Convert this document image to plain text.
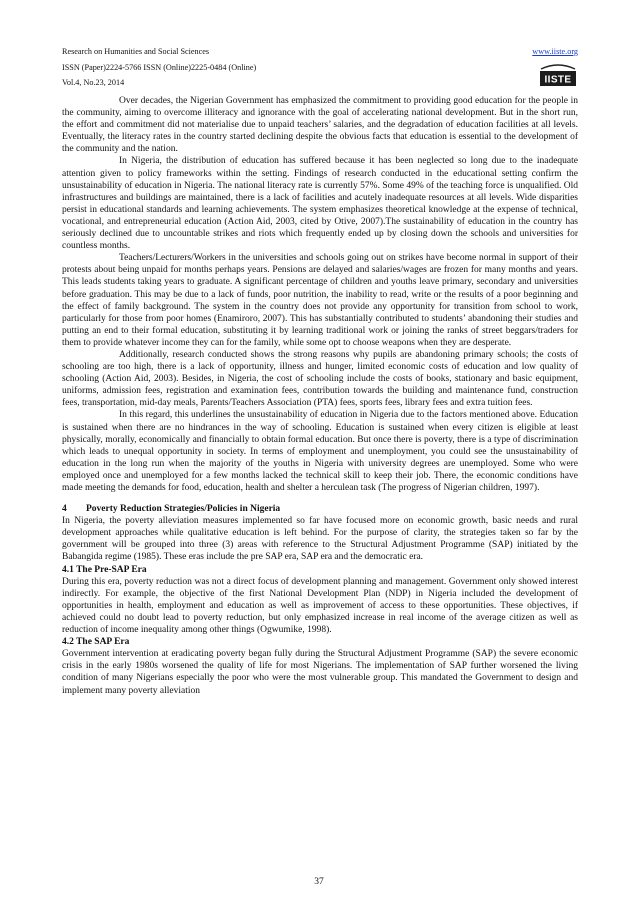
Research on Humanities and Social Sciences
ISSN (Paper)2224-5766 ISSN (Online)2225-0484 (Online)
Vol.4, No.23, 2014
www.iiste.org
IISTE

Over decades, the Nigerian Government has emphasized the commitment to providing good education for the people in the community, aiming to overcome illiteracy and ignorance with the goal of accelerating national development. But in the short run, the effort and commitment did not materialise due to unpaid teachers’ salaries, and the degradation of education facilities at all levels. Eventually, the literacy rates in the country started declining despite the obvious facts that education is essential to the development of the community and the nation.

In Nigeria, the distribution of education has suffered because it has been neglected so long due to the inadequate attention given to policy frameworks within the setting. Findings of research conducted in the educational setting confirm the unsustainability of education in Nigeria. The national literacy rate is currently 57%. Some 49% of the teaching force is unqualified. Old infrastructures and buildings are maintained, there is a lack of facilities and acutely inadequate resources at all levels. Wide disparities persist in educational standards and learning achievements. The system emphasizes theoretical knowledge at the expense of technical, vocational, and entrepreneurial education (Action Aid, 2003, cited by Otive, 2007).The sustainability of education in the country has seriously declined due to uncountable strikes and riots which frequently ended up by closing down the schools and universities for countless months.

Teachers/Lecturers/Workers in the universities and schools going out on strikes have become normal in support of their protests about being unpaid for months perhaps years. Pensions are delayed and salaries/wages are frozen for many months and years. This leads students taking years to graduate. A significant percentage of children and youths leave primary, secondary and universities before graduation. This may be due to a lack of funds, poor nutrition, the inability to read, write or the results of a poor beginning and the effect of family background. The system in the country does not provide any opportunity for transition from school to work, particularly for those from poor homes (Enamiroro, 2007). This has substantially contributed to students’ abandoning their studies and putting an end to their formal education, substituting it by learning traditional work or joining the ranks of street beggars/traders for them to provide whatever income they can for the family, while some opt to choose weapons when they are desperate.

Additionally, research conducted shows the strong reasons why pupils are abandoning primary schools; the costs of schooling are too high, there is a lack of opportunity, illness and hunger, limited economic costs of education and low quality of schooling (Action Aid, 2003). Besides, in Nigeria, the cost of schooling include the costs of books, stationary and basic equipment, uniforms, admission fees, registration and examination fees, contribution towards the building and maintenance fund, construction fees, transportation, mid-day meals, Parents/Teachers Association (PTA) fees, sports fees, library fees and extra tuition fees.

In this regard, this underlines the unsustainability of education in Nigeria due to the factors mentioned above. Education is sustained when there are no hindrances in the way of schooling. Education is sustained when every citizen is eligible at least physically, morally, economically and financially to obtain formal education. But once there is poverty, there is a type of discrimination which leads to unequal opportunity in society. In terms of employment and unemployment, you could see the unsustainability of education in the long run when the majority of the youths in Nigeria with university degrees are unemployed. Some who were employed once and unemployed for a few months lacked the technical skill to keep their job. There, the economic conditions have made meeting the demands for food, education, health and shelter a herculean task (The progress of Nigerian children, 1997).

4 Poverty Reduction Strategies/Policies in Nigeria

In Nigeria, the poverty alleviation measures implemented so far have focused more on economic growth, basic needs and rural development approaches while qualitative education is left behind. For the purpose of clarity, the strategies taken so far by the government will be grouped into three (3) areas with reference to the Structural Adjustment Programme (SAP) initiated by the Babangida regime (1985). These eras include the pre SAP era, SAP era and the democratic era.

4.1 The Pre-SAP Era

During this era, poverty reduction was not a direct focus of development planning and management. Government only showed interest indirectly. For example, the objective of the first National Development Plan (NDP) in Nigeria included the development of opportunities in health, employment and education as well as improvement of access to these opportunities. These objectives, if achieved could no doubt lead to poverty reduction, but only emphasized increase in real income of the average citizen as well as reduction of income inequality among other things (Ogwumike, 1998).

4.2 The SAP Era

Government intervention at eradicating poverty began fully during the Structural Adjustment Programme (SAP) the severe economic crisis in the early 1980s worsened the quality of life for most Nigerians. The implementation of SAP further worsened the living condition of many Nigerians especially the poor who were the most vulnerable group. This mandated the Government to design and implement many poverty alleviation

37
